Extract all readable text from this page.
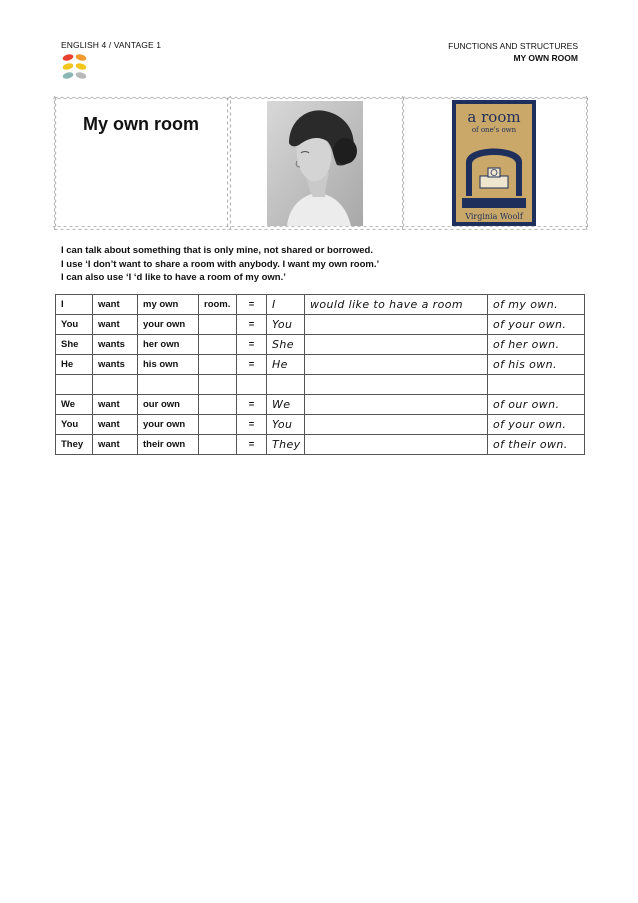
ENGLISH 4 / VANTAGE 1	FUNCTIONS AND STRUCTURES
MY OWN ROOM
My own room	a room
of one's own
Virginia Woolf
I can talk about something that is only mine, not shared or borrowed.
I use ‘I don’t want to share a room with anybody. I want my own room.’
I can also use ‘I ‘d like to have a room of my own.’
I	want	my own	room.	=	I	would like to have a room	of my own.
You	want	your own		=	You		of your own.
She	wants	her own		=	She		of her own.
He	wants	his own		=	He		of his own.

We	want	our own		=	We		of our own.
You	want	your own		=	You		of your own.
They	want	their own		=	They		of their own.
